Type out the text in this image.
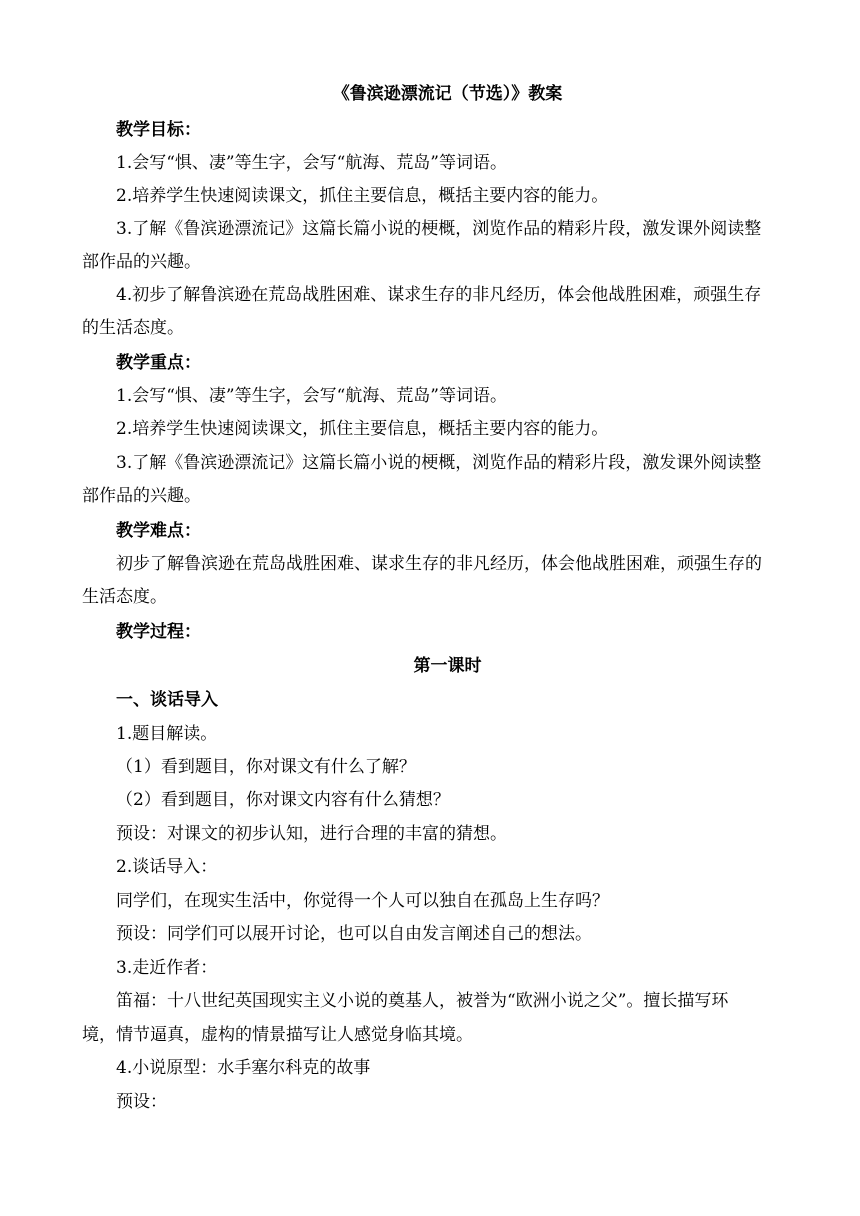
《鲁滨逊漂流记（节选）》教案
教学目标：
1.会写“惧、凄”等生字，会写“航海、荒岛”等词语。
2.培养学生快速阅读课文，抓住主要信息，概括主要内容的能力。
3.了解《鲁滨逊漂流记》这篇长篇小说的梗概，浏览作品的精彩片段，激发课外阅读整
部作品的兴趣。
4.初步了解鲁滨逊在荒岛战胜困难、谋求生存的非凡经历，体会他战胜困难，顽强生存
的生活态度。
教学重点：
1.会写“惧、凄”等生字，会写“航海、荒岛”等词语。
2.培养学生快速阅读课文，抓住主要信息，概括主要内容的能力。
3.了解《鲁滨逊漂流记》这篇长篇小说的梗概，浏览作品的精彩片段，激发课外阅读整
部作品的兴趣。
教学难点：
初步了解鲁滨逊在荒岛战胜困难、谋求生存的非凡经历，体会他战胜困难，顽强生存的
生活态度。
教学过程：
第一课时
一、谈话导入
1.题目解读。
（1）看到题目，你对课文有什么了解？
（2）看到题目，你对课文内容有什么猜想？
预设：对课文的初步认知，进行合理的丰富的猜想。
2.谈话导入：
同学们，在现实生活中，你觉得一个人可以独自在孤岛上生存吗？
预设：同学们可以展开讨论，也可以自由发言阐述自己的想法。
3.走近作者：
笛福：十八世纪英国现实主义小说的奠基人，被誉为“欧洲小说之父”。擅长描写环
境，情节逼真，虚构的情景描写让人感觉身临其境。
4.小说原型：水手塞尔科克的故事
预设：
